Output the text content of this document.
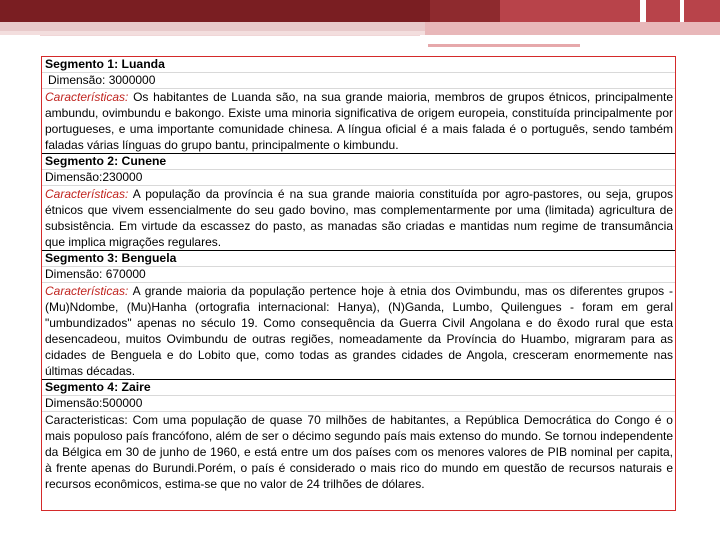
Segmento 1: Luanda
Dimensão: 3000000
Características: Os habitantes de Luanda são, na sua grande maioria, membros de grupos étnicos, principalmente ambundu, ovimbundu e bakongo. Existe uma minoria significativa de origem europeia, constituída principalmente por portugueses, e uma importante comunidade chinesa. A língua oficial é a mais falada é o português, sendo também faladas várias línguas do grupo bantu, principalmente o kimbundu.
Segmento 2: Cunene
Dimensão:230000
Características: A população da província é na sua grande maioria constituída por agro-pastores, ou seja, grupos étnicos que vivem essencialmente do seu gado bovino, mas complementarmente por uma (limitada) agricultura de subsistência. Em virtude da escassez do pasto, as manadas são criadas e mantidas num regime de transumância que implica migrações regulares.
Segmento 3: Benguela
Dimensão: 670000
Características: A grande maioria da população pertence hoje à etnia dos Ovimbundu, mas os diferentes grupos - (Mu)Ndombe, (Mu)Hanha (ortografia internacional: Hanya), (N)Ganda, Lumbo, Quilengues - foram em geral "umbundizados" apenas no século 19. Como consequência da Guerra Civil Angolana e do êxodo rural que esta desencadeou, muitos Ovimbundu de outras regiões, nomeadamente da Província do Huambo, migraram para as cidades de Benguela e do Lobito que, como todas as grandes cidades de Angola, cresceram enormemente nas últimas décadas.
Segmento 4: Zaire
Dimensão:500000
Caracteristicas: Com uma população de quase 70 milhões de habitantes, a República Democrática do Congo é o mais populoso país francófono, além de ser o décimo segundo país mais extenso do mundo. Se tornou independente da Bélgica em 30 de junho de 1960, e está entre um dos países com os menores valores de PIB nominal per capita, à frente apenas do Burundi.Porém, o país é considerado o mais rico do mundo em questão de recursos naturais e recursos econômicos, estima-se que no valor de 24 trilhões de dólares.
